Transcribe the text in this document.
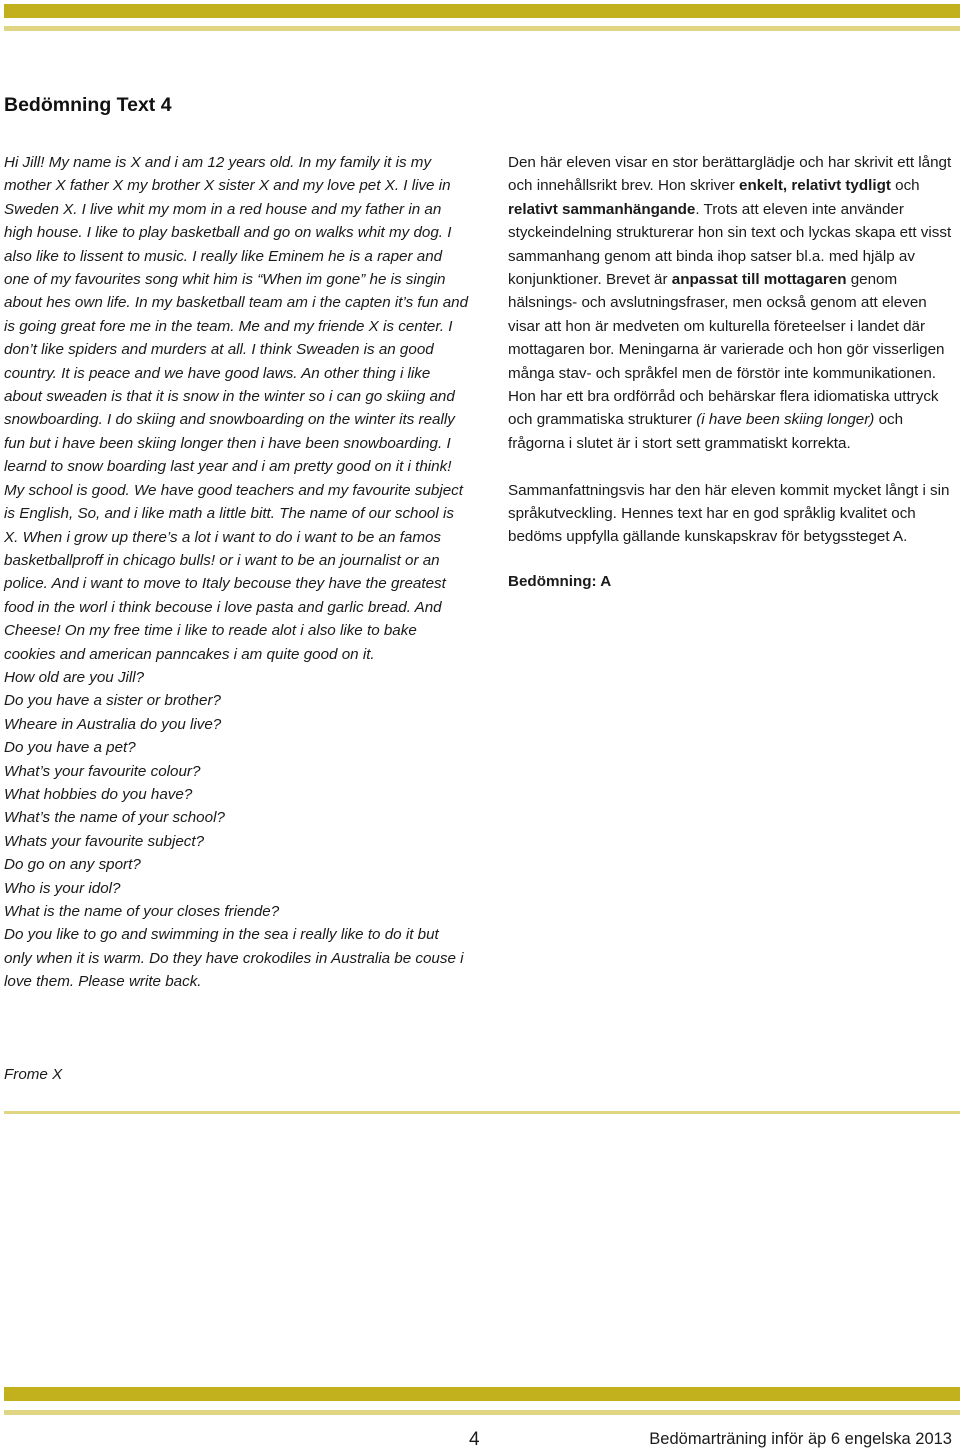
Bedömning Text 4

Hi Jill! My name is X and i am 12 years old. In my family it is my mother X father X my brother X sister X and my love pet X. I live in Sweden X. I live whit my mom in a red house and my father in an high house. I like to play basketball and go on walks whit my dog. I also like to lissent to music. I really like Eminem he is a raper and one of my favourites song whit him is “When im gone” he is singin about hes own life. In my basketball team am i the capten it’s fun and is going great fore me in the team. Me and my friende X is center. I don’t like spiders and murders at all. I think Sweaden is an good country. It is peace and we have good laws. An other thing i like about sweaden is that it is snow in the winter so i can go skiing and snowboarding. I do skiing and snowboarding on the winter its really fun but i have been skiing longer then i have been snowboarding. I learnd to snow boarding last year and i am pretty good on it i think! My school is good. We have good teachers and my favourite subject is English, So, and i like math a little bitt. The name of our school is X. When i grow up there’s a lot i want to do i want to be an famos basketballproff in chicago bulls! or i want to be an journalist or an police. And i want to move to Italy becouse they have the greatest food in the worl i think becouse i love pasta and garlic bread. And Cheese! On my free time i like to reade alot i also like to bake cookies and american panncakes i am quite good on it.

How old are you Jill?
Do you have a sister or brother?
Wheare in Australia do you live?
Do you have a pet?
What’s your favourite colour?
What hobbies do you have?
What’s the name of your school?
Whats your favourite subject?
Do go on any sport?
Who is your idol?
What is the name of your closes friende?

Do you like to go and swimming in the sea i really like to do it but only when it is warm. Do they have crokodiles in Australia be couse i love them. Please write back.

Frome X

Den här eleven visar en stor berättarglädje och har skrivit ett långt och innehållsrikt brev. Hon skriver enkelt, relativt tydligt och relativt sammanhängande. Trots att eleven inte använder styckeindelning strukturerar hon sin text och lyckas skapa ett visst sammanhang genom att binda ihop satser bl.a. med hjälp av konjunktioner. Brevet är anpassat till mottagaren genom hälsnings- och avslutningsfraser, men också genom att eleven visar att hon är medveten om kulturella företeelser i landet där mottagaren bor. Meningarna är varierade och hon gör visserligen många stav- och språkfel men de förstör inte kommunikationen. Hon har ett bra ordförråd och behärskar flera idiomatiska uttryck och grammatiska strukturer (i have been skiing longer) och frågorna i slutet är i stort sett grammatiskt korrekta.

Sammanfattningsvis har den här eleven kommit mycket långt i sin språkutveckling. Hennes text har en god språklig kvalitet och bedöms uppfylla gällande kunskapskrav för betygssteget A.

Bedömning: A

4	Bedömarträning inför äp 6 engelska 2013
